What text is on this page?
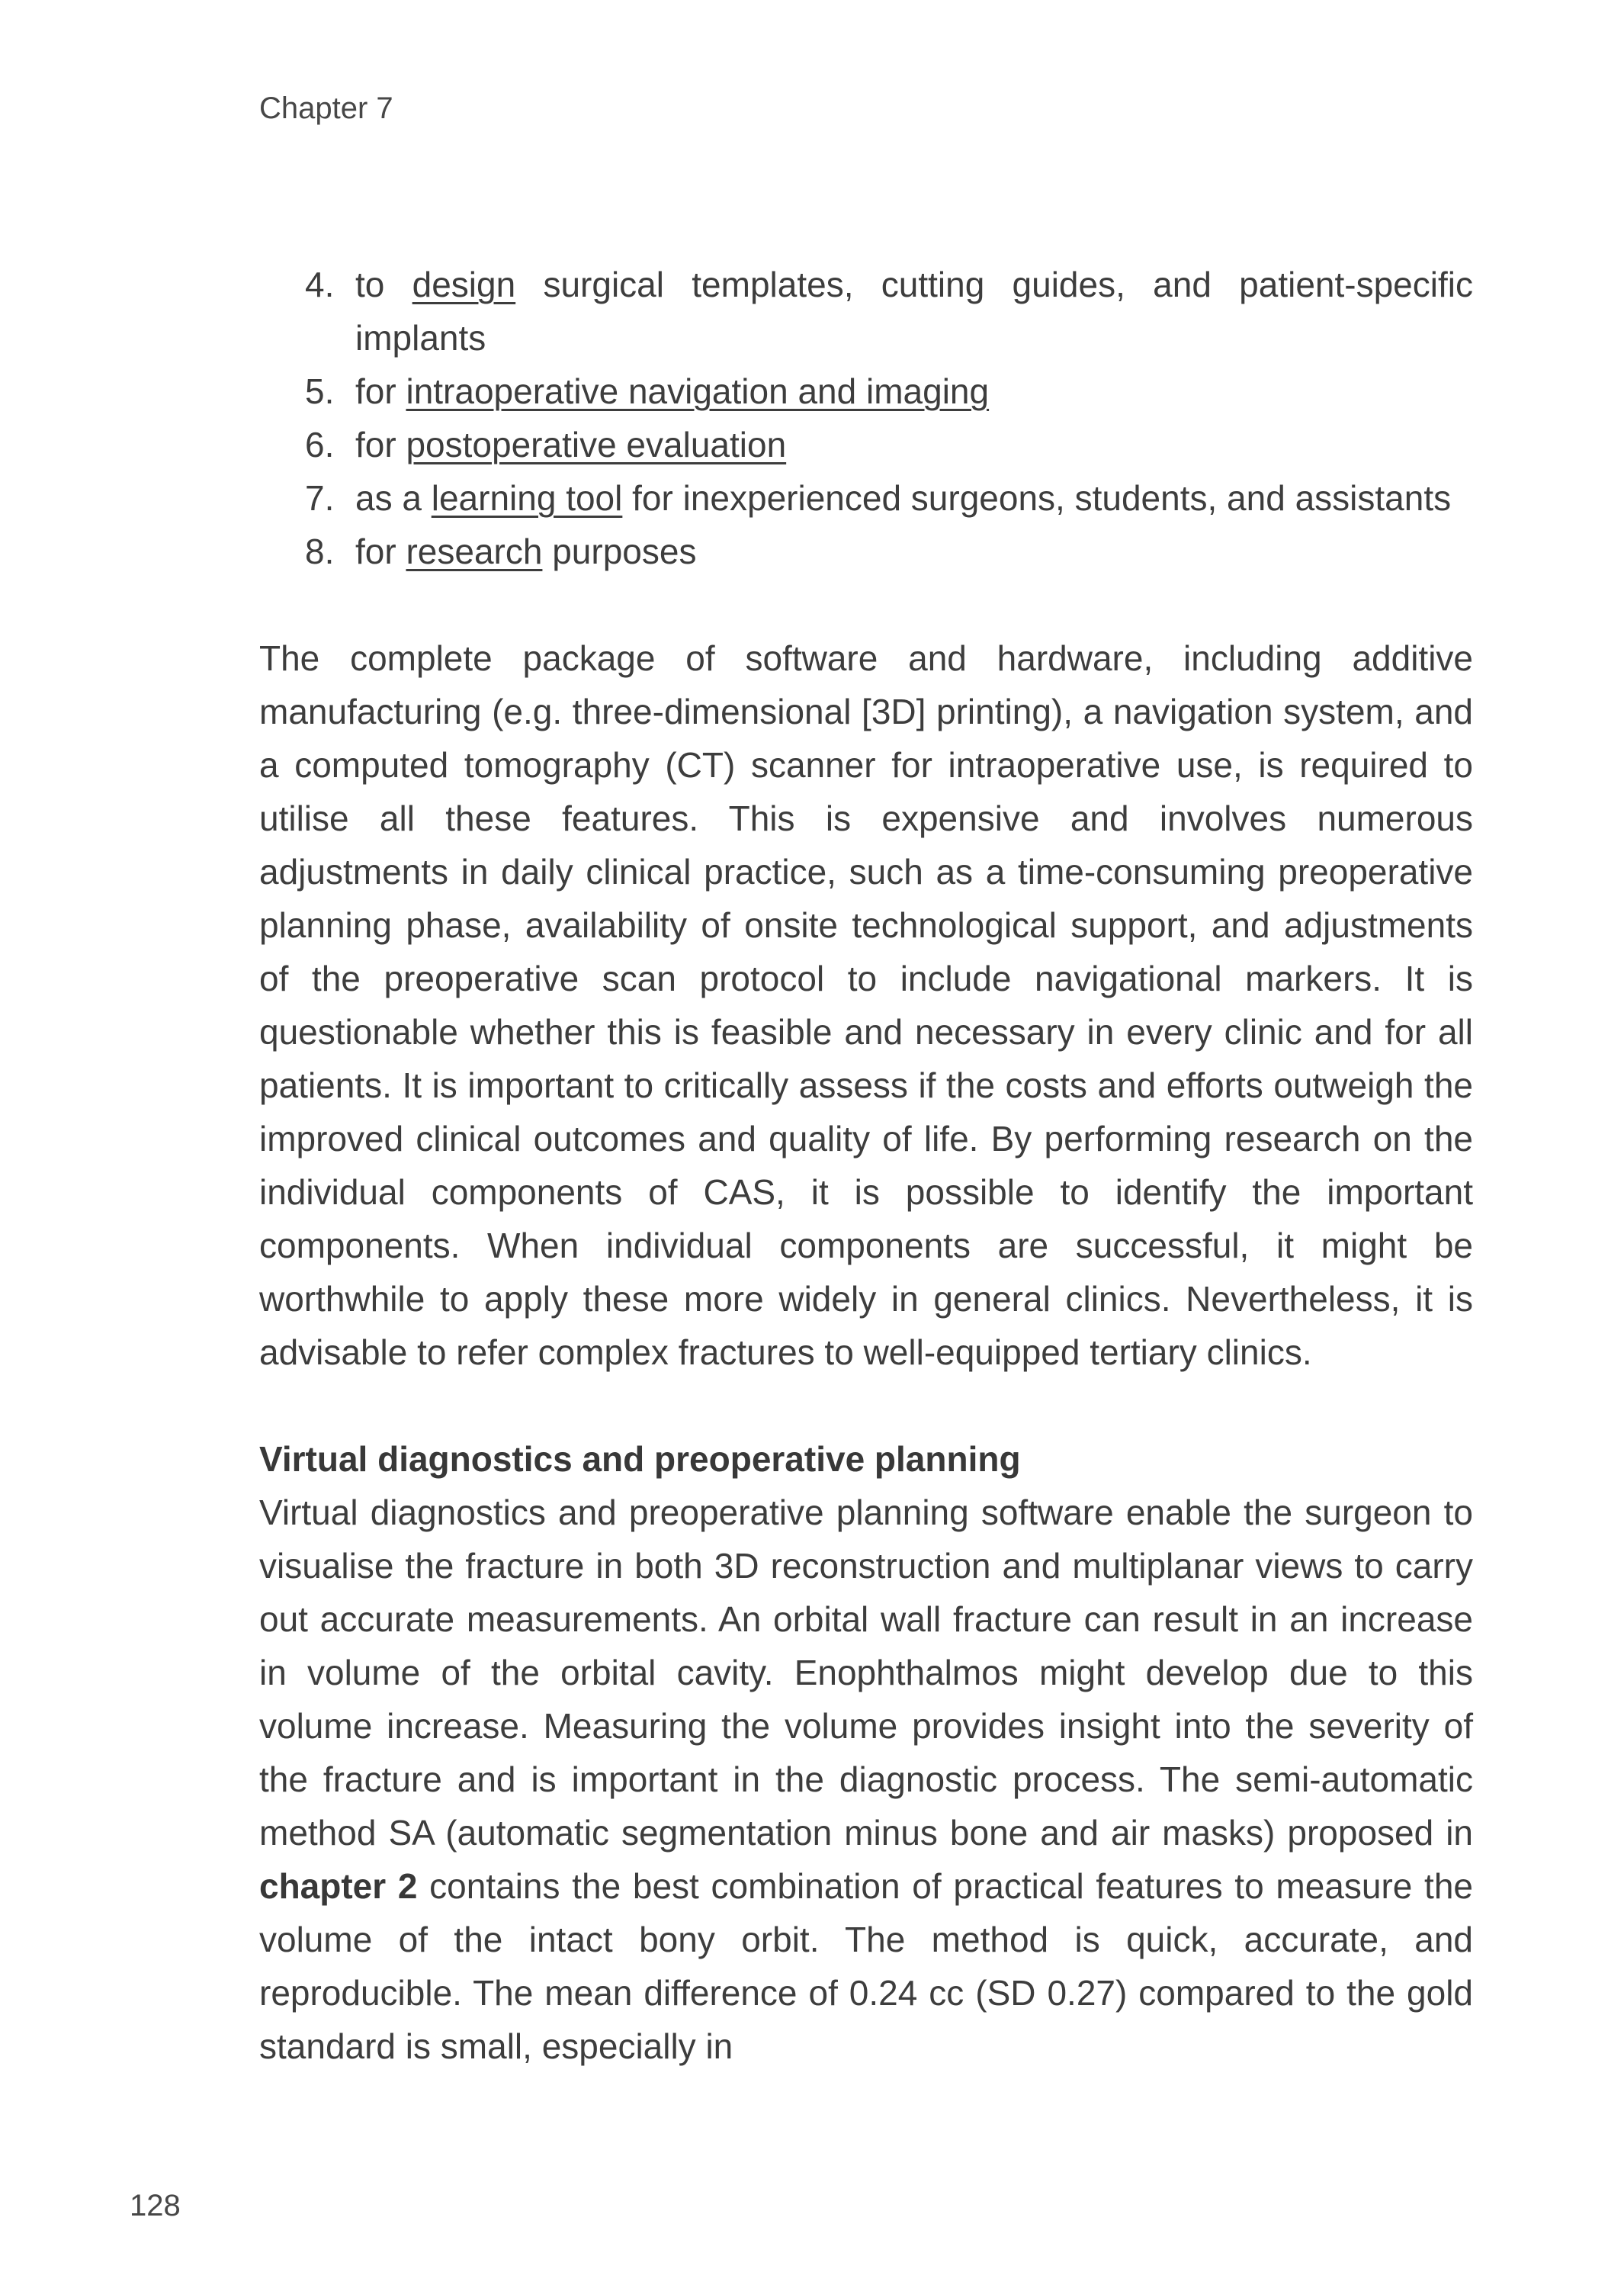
Chapter 7
4. to design surgical templates, cutting guides, and patient-specific implants
5. for intraoperative navigation and imaging
6. for postoperative evaluation
7. as a learning tool for inexperienced surgeons, students, and assistants
8. for research purposes

The complete package of software and hardware, including additive manufacturing (e.g. three-dimensional [3D] printing), a navigation system, and a computed tomography (CT) scanner for intraoperative use, is required to utilise all these features. This is expensive and involves numerous adjustments in daily clinical practice, such as a time-consuming preoperative planning phase, availability of onsite technological support, and adjustments of the preoperative scan protocol to include navigational markers. It is questionable whether this is feasible and necessary in every clinic and for all patients. It is important to critically assess if the costs and efforts outweigh the improved clinical outcomes and quality of life. By performing research on the individual components of CAS, it is possible to identify the important components. When individual components are successful, it might be worthwhile to apply these more widely in general clinics. Nevertheless, it is advisable to refer complex fractures to well-equipped tertiary clinics.

Virtual diagnostics and preoperative planning

Virtual diagnostics and preoperative planning software enable the surgeon to visualise the fracture in both 3D reconstruction and multiplanar views to carry out accurate measurements. An orbital wall fracture can result in an increase in volume of the orbital cavity. Enophthalmos might develop due to this volume increase. Measuring the volume provides insight into the severity of the fracture and is important in the diagnostic process. The semi-automatic method SA (automatic segmentation minus bone and air masks) proposed in chapter 2 contains the best combination of practical features to measure the volume of the intact bony orbit. The method is quick, accurate, and reproducible. The mean difference of 0.24 cc (SD 0.27) compared to the gold standard is small, especially in

128
